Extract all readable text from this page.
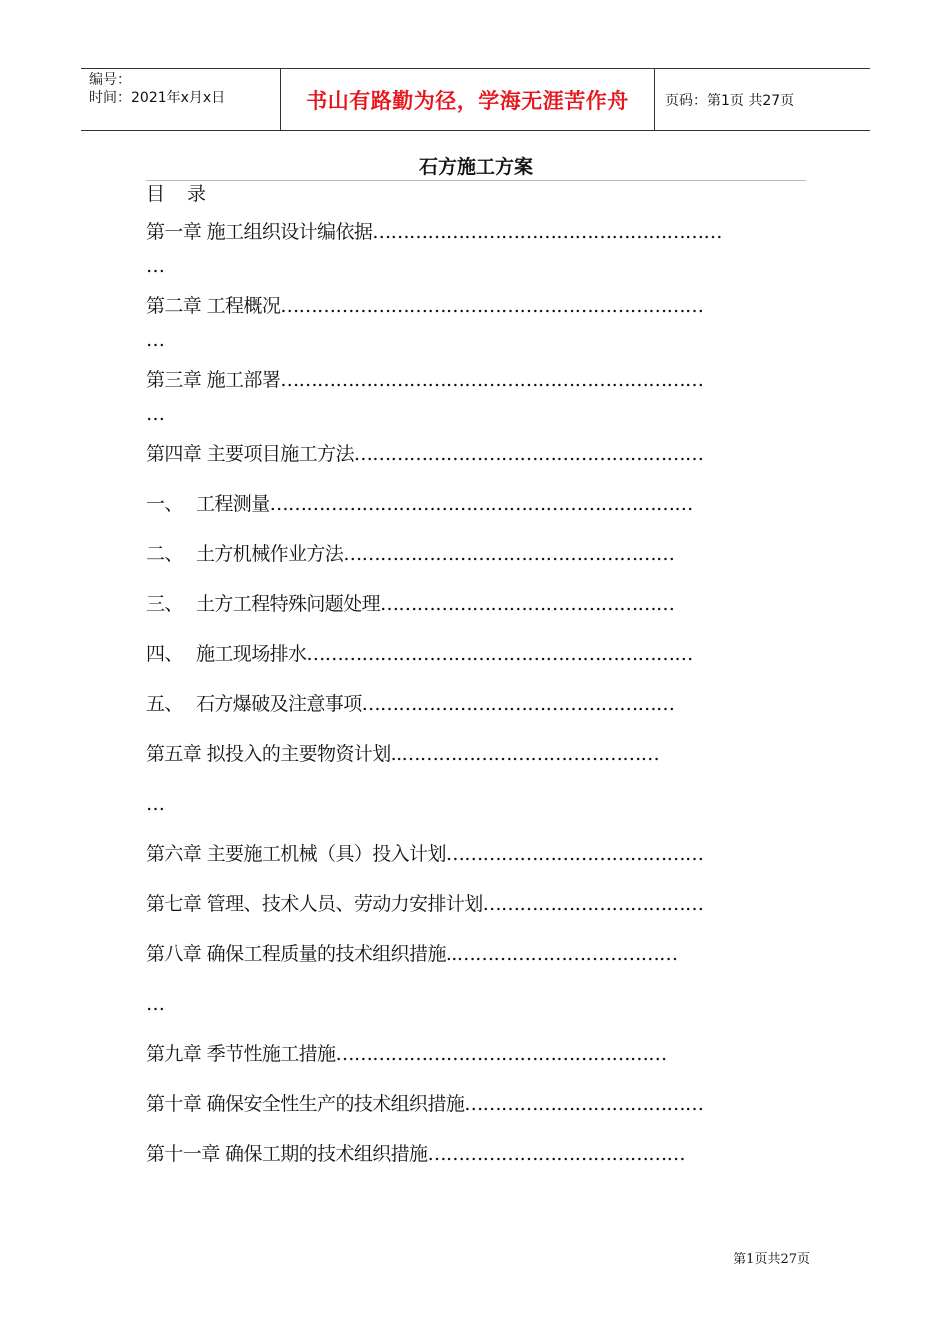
编号：
时间：2021年x月x日	书山有路勤为径，学海无涯苦作舟	页码：第1页 共27页
石方施工方案
目 录
第一章 施工组织设计编依据…………………………………………………
…
第二章 工程概况……………………………………………………………
…
第三章 施工部署……………………………………………………………
…
第四章 主要项目施工方法…………………………………………………
一、 工程测量……………………………………………………………
二、 土方机械作业方法………………………………………………
三、 土方工程特殊问题处理…………………………………………
四、 施工现场排水………………………………………………………
五、 石方爆破及注意事项……………………………………………
第五章 拟投入的主要物资计划..……………………………………
…
第六章 主要施工机械（具）投入计划……………………………………
第七章 管理、技术人员、劳动力安排计划………………………………
第八章 确保工程质量的技术组织措施..………………………………
…
第九章 季节性施工措施………………………………………………
第十章 确保安全性生产的技术组织措施…………………………………
第十一章 确保工期的技术组织措施……………………………………
第1页共27页
